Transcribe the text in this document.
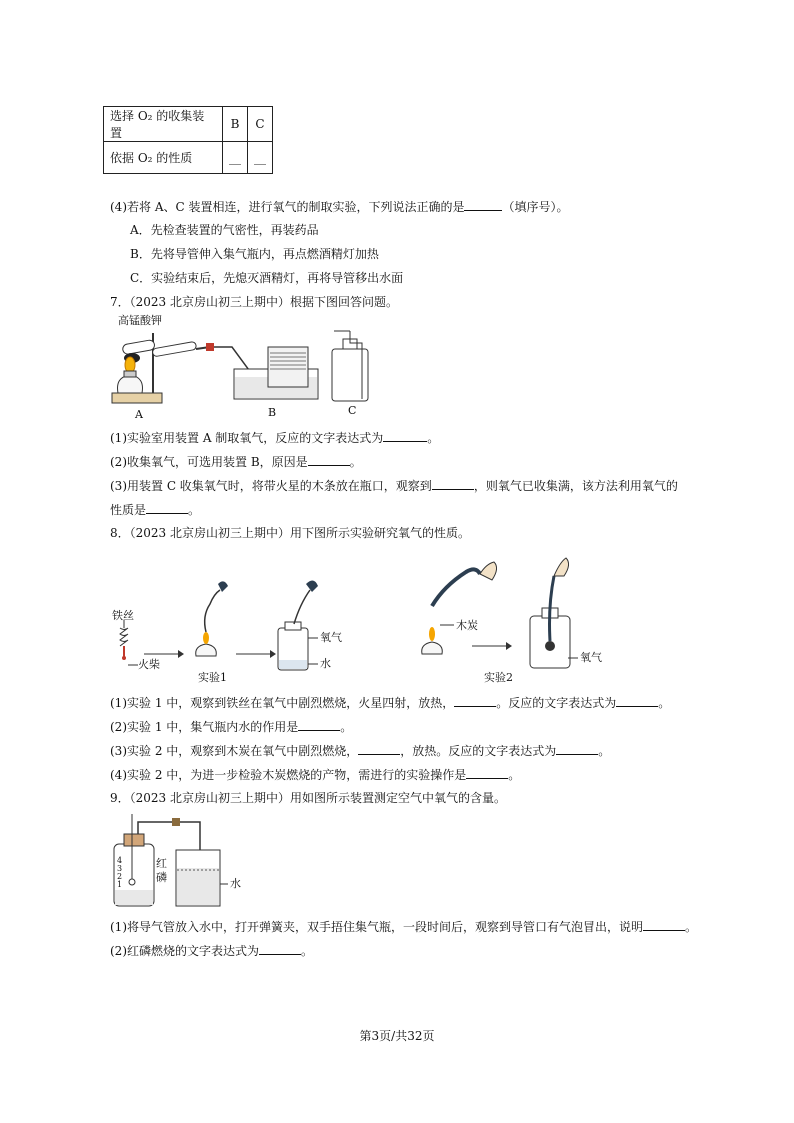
选择 O₂ 的收集装置	B	C
依据 O₂ 的性质	__	__
(4)若将 A、C 装置相连，进行氧气的制取实验，下列说法正确的是	（填序号）。
A．先检查装置的气密性，再装药品
B．先将导管伸入集气瓶内，再点燃酒精灯加热
C．实验结束后，先熄灭酒精灯，再将导管移出水面
7．（2023 北京房山初三上期中）根据下图回答问题。
高锰酸钾
A	B	C
(1)实验室用装置 A 制取氧气，反应的文字表达式为	。
(2)收集氧气，可选用装置 B，原因是	。
(3)用装置 C 收集氧气时，将带火星的木条放在瓶口，观察到	，则氧气已收集满，该方法利用氧气的
性质是	。
8．（2023 北京房山初三上期中）用下图所示实验研究氧气的性质。
铁丝
火柴
氧气
水
实验1
木炭
氧气
实验2
(1)实验 1 中，观察到铁丝在氧气中剧烈燃烧，火星四射，放热，	。反应的文字表达式为	。
(2)实验 1 中，集气瓶内水的作用是	。
(3)实验 2 中，观察到木炭在氧气中剧烈燃烧，	，放热。反应的文字表达式为	。
(4)实验 2 中，为进一步检验木炭燃烧的产物，需进行的实验操作是	。
9．（2023 北京房山初三上期中）用如图所示装置测定空气中氧气的含量。
4
3
2
1
红
磷	水
(1)将导气管放入水中，打开弹簧夹，双手捂住集气瓶，一段时间后，观察到导管口有气泡冒出，说明	。
(2)红磷燃烧的文字表达式为	。
第3页/共32页
